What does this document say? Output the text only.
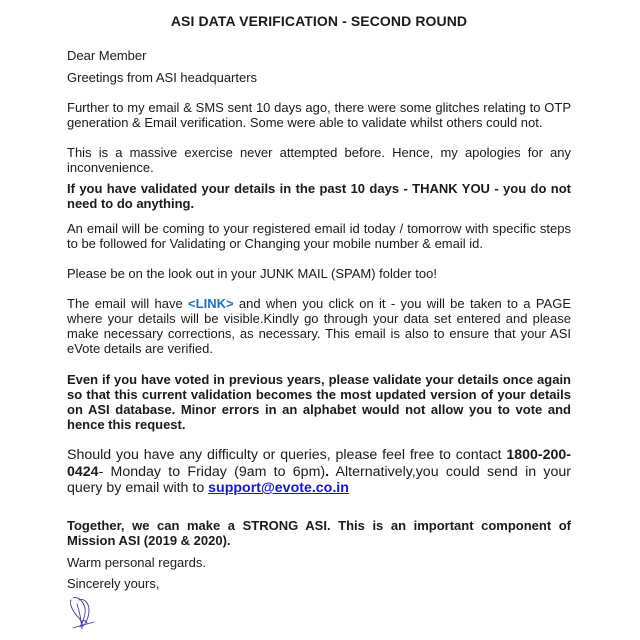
ASI DATA VERIFICATION - SECOND ROUND

Dear Member

Greetings from ASI headquarters

Further to my email & SMS sent 10 days ago, there were some glitches relating to OTP generation & Email verification. Some were able to validate whilst others could not.

This is a massive exercise never attempted before. Hence, my apologies for any inconvenience.

If you have validated your details in the past 10 days - THANK YOU - you do not need to do anything.

An email will be coming to your registered email id today / tomorrow with specific steps to be followed for Validating or Changing your mobile number & email id.

Please be on the look out in your JUNK MAIL (SPAM) folder too!

The email will have <LINK> and when you click on it - you will be taken to a PAGE where your details will be visible.Kindly go through your data set entered and please make necessary corrections, as necessary. This email is also to ensure that your ASI eVote details are verified.

Even if you have voted in previous years, please validate your details once again so that this current validation becomes the most updated version of your details on ASI database. Minor errors in an alphabet would not allow you to vote and hence this request.

Should you have any difficulty or queries, please feel free to contact 1800-200-0424- Monday to Friday (9am to 6pm). Alternatively,you could send in your query by email with to support@evote.co.in

Together, we can make a STRONG ASI. This is an important component of Mission ASI (2019 & 2020).

Warm personal regards.

Sincerely yours,
